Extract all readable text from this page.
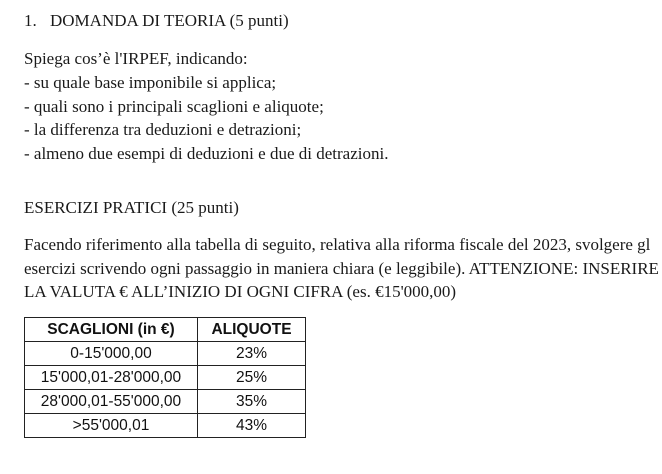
1. DOMANDA DI TEORIA (5 punti)
Spiega cos’è l'IRPEF, indicando:
- su quale base imponibile si applica;
- quali sono i principali scaglioni e aliquote;
- la differenza tra deduzioni e detrazioni;
- almeno due esempi di deduzioni e due di detrazioni.
ESERCIZI PRATICI (25 punti)
Facendo riferimento alla tabella di seguito, relativa alla riforma fiscale del 2023, svolgere gl
esercizi scrivendo ogni passaggio in maniera chiara (e leggibile). ATTENZIONE: INSERIRE
LA VALUTA € ALL’INIZIO DI OGNI CIFRA (es. €15'000,00)
SCAGLIONI (in €)	ALIQUOTE
0-15'000,00	23%
15'000,01-28'000,00	25%
28'000,01-55'000,00	35%
>55'000,01	43%
